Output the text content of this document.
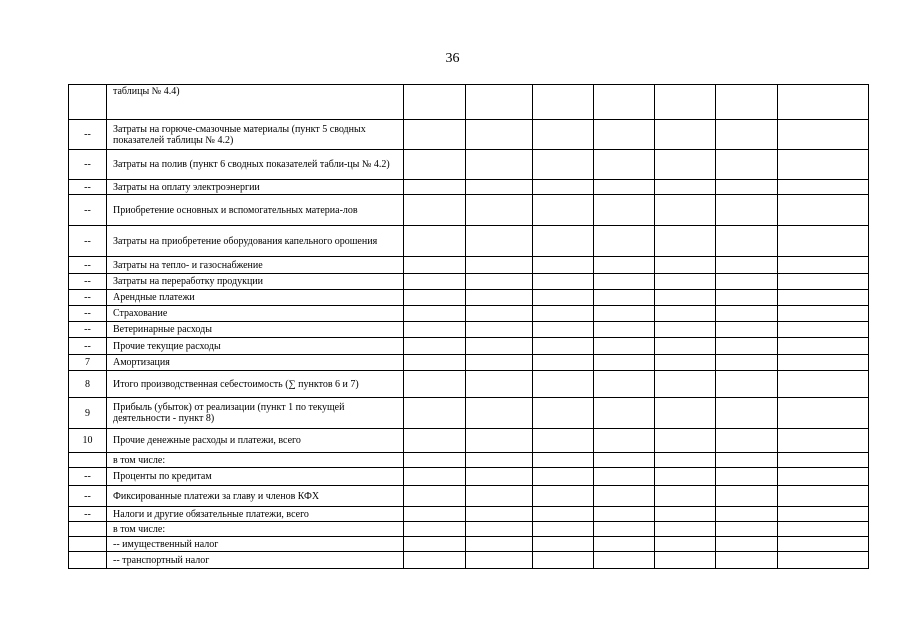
36
	таблицы № 4.4)							
--	Затраты на горюче-смазочные материалы (пункт 5 сводных показателей таблицы № 4.2)							
--	Затраты на полив (пункт 6 сводных показателей табли-цы № 4.2)							
--	Затраты на оплату электроэнергии							
--	Приобретение основных и вспомогательных материа-лов							
--	Затраты на приобретение оборудования капельного орошения							
--	Затраты на тепло- и газоснабжение							
--	Затраты на переработку продукции							
--	Арендные платежи							
--	Страхование							
--	Ветеринарные расходы							
--	Прочие текущие расходы							
7	Амортизация							
8	Итого производственная себестоимость (∑ пунктов 6 и 7)							
9	Прибыль (убыток) от реализации (пункт 1 по текущей деятельности - пункт 8)							
10	Прочие денежные расходы и платежи, всего							
	в том числе:							
--	Проценты по кредитам							
--	Фиксированные платежи за главу и членов КФХ							
--	Налоги и другие обязательные платежи, всего							
	в том числе:							
	-- имущественный налог							
	-- транспортный налог							
